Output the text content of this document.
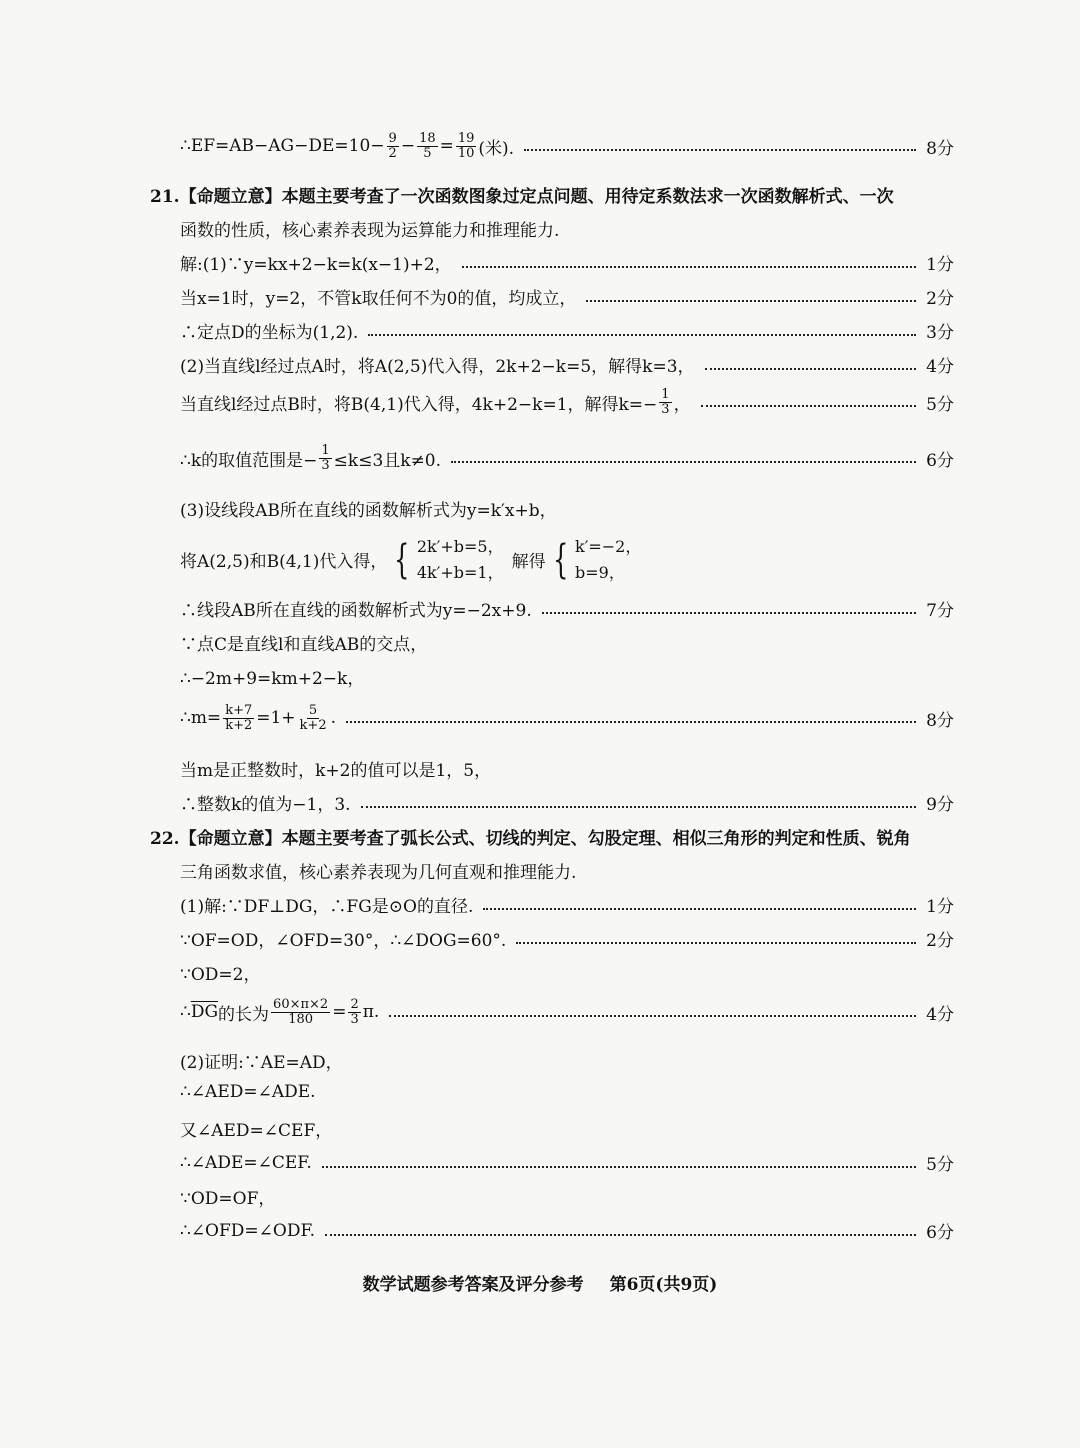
∴EF=AB−AG−DE=10− $\frac{9}{2} - \frac{18}{5} = \frac{19}{10}$ (米).	8分
21.【命题立意】本题主要考查了一次函数图象过定点问题、用待定系数法求一次函数解析式、一次
函数的性质，核心素养表现为运算能力和推理能力.
解:(1)∵y=kx+2−k=k(x−1)+2，	1分
当x=1时，y=2，不管k取任何不为0的值，均成立，	2分
∴定点D的坐标为(1,2).	3分
(2)当直线l经过点A时，将A(2,5)代入得，2k+2−k=5，解得k=3，	4分
当直线l经过点B时，将B(4,1)代入得，4k+2−k=1，解得$k=- \frac{1}{3}$ ，	5分
∴k的取值范围是− $\frac{1}{3} \le k\le 3$且k≠0.	6分
(3)设线段AB所在直线的函数解析式为y=k′x+b，
将A(2,5)和B(4,1)代入得， { 2k′+b=5，
4k′+b=1， 解得 { k′=−2，
b=9，
∴线段AB所在直线的函数解析式为y=−2x+9.	7分
∵点C是直线l和直线AB的交点，
∴−2m+9=km+2−k，
∴m= $\frac{k+7}{k+2} =1+ \frac{5}{k+2}$ .	8分
当m是正整数时，k+2的值可以是1，5，
∴整数k的值为−1，3.	9分
22.【命题立意】本题主要考查了弧长公式、切线的判定、勾股定理、相似三角形的判定和性质、锐角
三角函数求值，核心素养表现为几何直观和推理能力.
(1)解:∵DF⊥DG，∴FG是⊙O的直径.	1分
∵OF=OD，∠OFD=30°，∴∠DOG=60°.	2分
∵OD=2，
∴ $\overline{DG}$ 的长为 $\frac{60\times\pi\times 2}{180} = \frac{2}{3} \pi$.	4分
(2)证明:∵AE=AD，
∴∠AED=∠ADE.
又∠AED=∠CEF，
∴∠ADE=∠CEF.	5分
∵OD=OF，
∴∠OFD=∠ODF.	6分
数学试题参考答案及评分参考 第6页(共9页)
